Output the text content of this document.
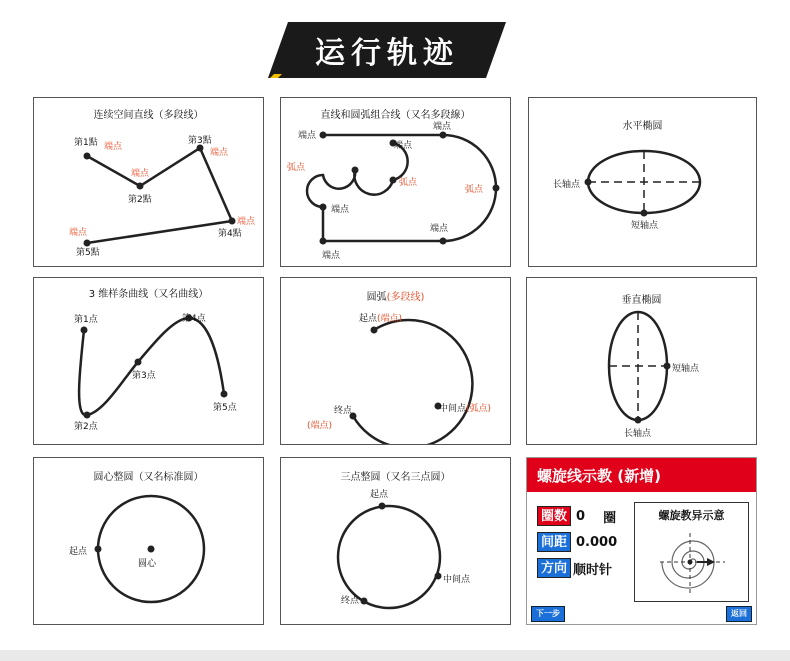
运行轨迹
连续空间直线（多段线）
第1點 端点
端点
第2點
第3點
端点
端点
第4點
端点
第5點
直线和圆弧组合线（又名多段線）
端点
端点
端点
弧点
弧点
弧点
端点
端点
端点
水平椭圆
长轴点
短轴点
3 维样条曲线（又名曲线）
第1点
第2点
第3点
第4点
第5点
圆弧(多段线)
起点(端点)
中间点(弧点)
终点
(端点)
垂直椭圆
短轴点
长轴点
圆心整圆（又名标准圆）
起点
圆心
三点整圆（又名三点圆）
起点
中间点
终点
螺旋线示教 (新增)
圈数 0 圈
间距 0.000
方向 顺时针
螺旋教异示意
下一步	返回
